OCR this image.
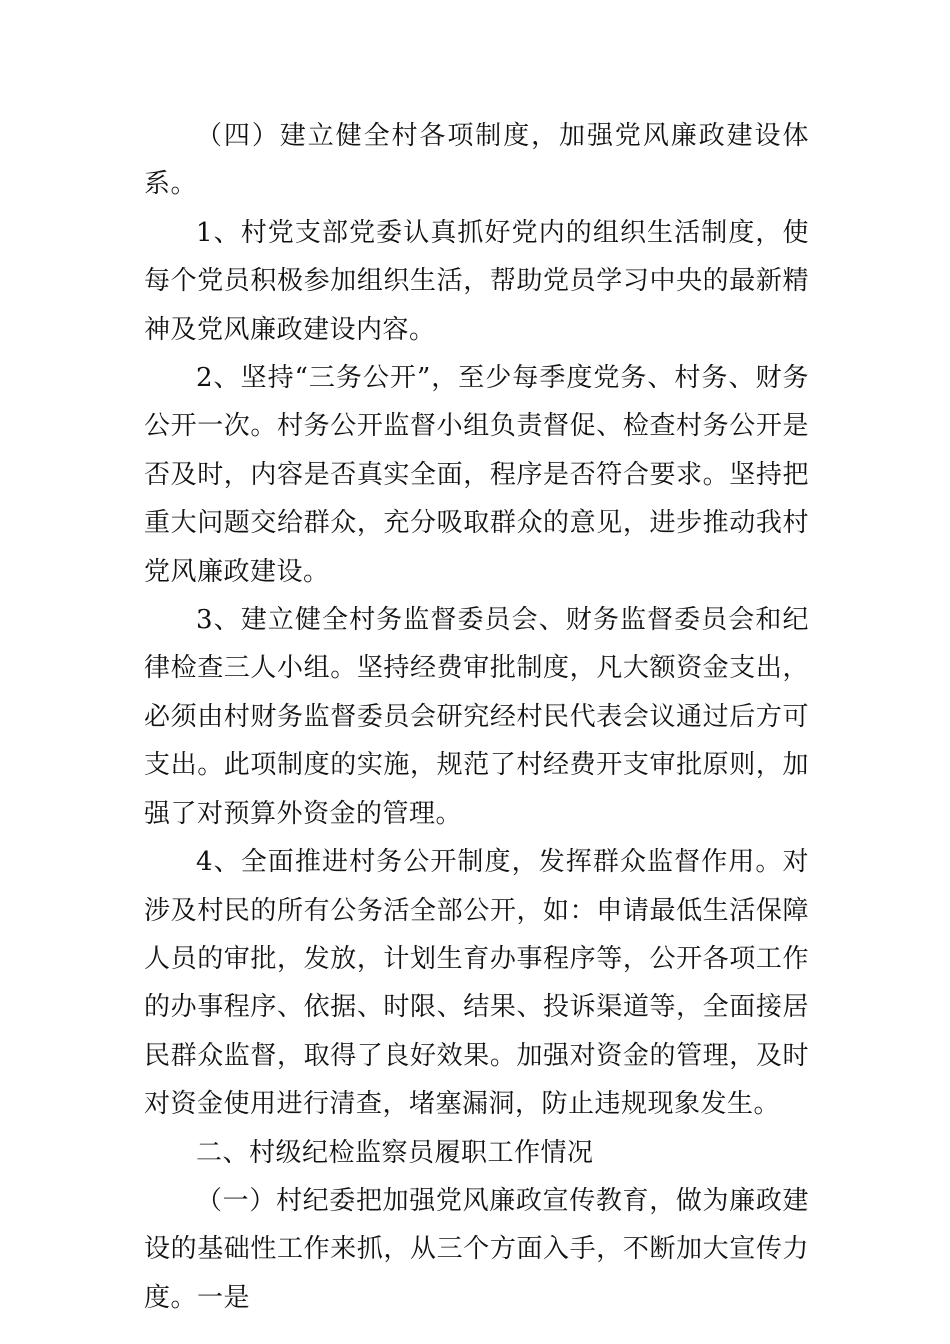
（四）建立健全村各项制度，加强党风廉政建设体系。

1、村党支部党委认真抓好党内的组织生活制度，使每个党员积极参加组织生活，帮助党员学习中央的最新精神及党风廉政建设内容。

2、坚持“三务公开”，至少每季度党务、村务、财务公开一次。村务公开监督小组负责督促、检查村务公开是否及时，内容是否真实全面，程序是否符合要求。坚持把重大问题交给群众，充分吸取群众的意见，进步推动我村党风廉政建设。

3、建立健全村务监督委员会、财务监督委员会和纪律检查三人小组。坚持经费审批制度，凡大额资金支出，必须由村财务监督委员会研究经村民代表会议通过后方可支出。此项制度的实施，规范了村经费开支审批原则，加强了对预算外资金的管理。

4、全面推进村务公开制度，发挥群众监督作用。对涉及村民的所有公务活全部公开，如：申请最低生活保障人员的审批，发放，计划生育办事程序等，公开各项工作的办事程序、依据、时限、结果、投诉渠道等，全面接居民群众监督，取得了良好效果。加强对资金的管理，及时对资金使用进行清查，堵塞漏洞，防止违规现象发生。

二、村级纪检监察员履职工作情况

（一）村纪委把加强党风廉政宣传教育，做为廉政建设的基础性工作来抓，从三个方面入手，不断加大宣传力度。一是
